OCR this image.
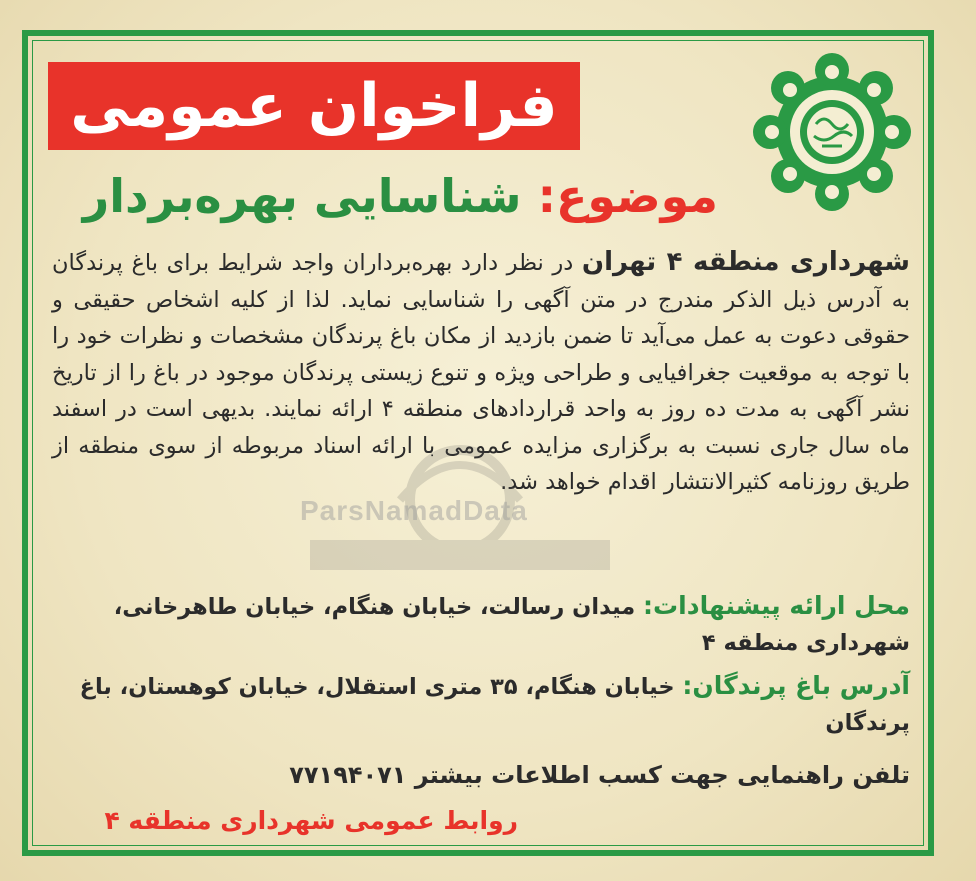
فراخوان عمومی
موضوع: شناسایی بهره‌بردار
شهرداری منطقه ۴ تهران در نظر دارد بهره‌برداران واجد شرایط برای باغ پرندگان به آدرس ذیل الذکر مندرج در متن آگهی را شناسایی نماید. لذا از کلیه اشخاص حقیقی و حقوقی دعوت به عمل می‌آید تا ضمن بازدید از مکان باغ پرندگان مشخصات و نظرات خود را با توجه به موقعیت جغرافیایی و طراحی ویژه و تنوع زیستی پرندگان موجود در باغ را از تاریخ نشر آگهی به مدت ده روز به واحد قراردادهای منطقه ۴ ارائه نمایند. بدیهی است در اسفند ماه سال جاری نسبت به برگزاری مزایده عمومی با ارائه اسناد مربوطه از سوی منطقه از طریق روزنامه کثیرالانتشار اقدام خواهد شد.
ParsNamadData
محل ارائه پیشنهادات: میدان رسالت، خیابان هنگام، خیابان طاهرخانی، شهرداری منطقه ۴
آدرس باغ پرندگان: خیابان هنگام، ۳۵ متری استقلال، خیابان کوهستان، باغ پرندگان
تلفن راهنمایی جهت کسب اطلاعات بیشتر ۷۷۱۹۴۰۷۱
روابط عمومی شهرداری منطقه ۴
